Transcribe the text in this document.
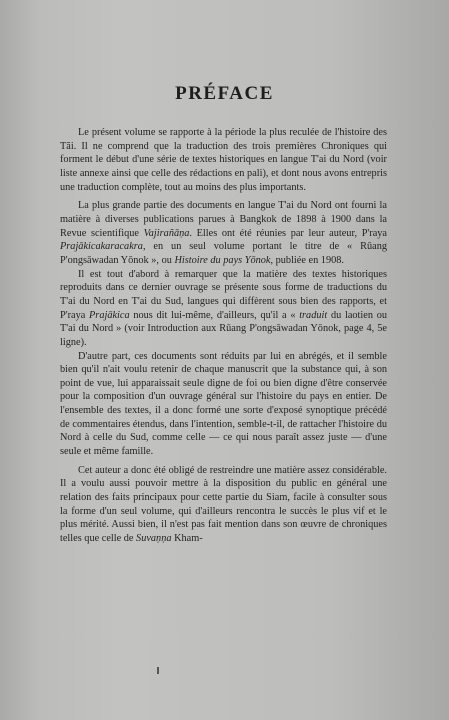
PRÉFACE

Le présent volume se rapporte à la période la plus reculée de l'histoire des Tăi. Il ne comprend que la traduction des trois premières Chroniques qui forment le début d'une série de textes historiques en langue T'ai du Nord (voir liste annexe ainsi que celle des rédactions en pali), et dont nous avons entrepris une traduction complète, tout au moins des plus importants.

La plus grande partie des documents en langue T'ai du Nord ont fourni la matière à diverses publications parues à Bangkok de 1898 à 1900 dans la Revue scientifique Vajirañāṇa. Elles ont été réunies par leur auteur, P'raya Prajākicakaracakra, en un seul volume portant le titre de « Rūang P'ongsāwadan Yōnok », ou Histoire du pays Yōnok, publiée en 1908.

Il est tout d'abord à remarquer que la matière des textes historiques reproduits dans ce dernier ouvrage se présente sous forme de traductions du T'ai du Nord en T'ai du Sud, langues qui diffèrent sous bien des rapports, et P'raya Prajākica nous dit lui-même, d'ailleurs, qu'il a « traduit du laotien ou T'ai du Nord » (voir Introduction aux Rūang P'ongsāwadan Yōnok, page 4, 5e ligne).

D'autre part, ces documents sont réduits par lui en abrégés, et il semble bien qu'il n'ait voulu retenir de chaque manuscrit que la substance qui, à son point de vue, lui apparaissait seule digne de foi ou bien digne d'être conservée pour la composition d'un ouvrage général sur l'histoire du pays en entier. De l'ensemble des textes, il a donc formé une sorte d'exposé synoptique précédé de commentaires étendus, dans l'intention, semble-t-il, de rattacher l'histoire du Nord à celle du Sud, comme celle — ce qui nous paraît assez juste — d'une seule et même famille.

Cet auteur a donc été obligé de restreindre une matière assez considérable. Il a voulu aussi pouvoir mettre à la disposition du public en général une relation des faits principaux pour cette partie du Siam, facile à consulter sous la forme d'un seul volume, qui d'ailleurs rencontra le succès le plus vif et le plus mérité. Aussi bien, il n'est pas fait mention dans son œuvre de chroniques telles que celle de Suvaṇṇa Kham-
